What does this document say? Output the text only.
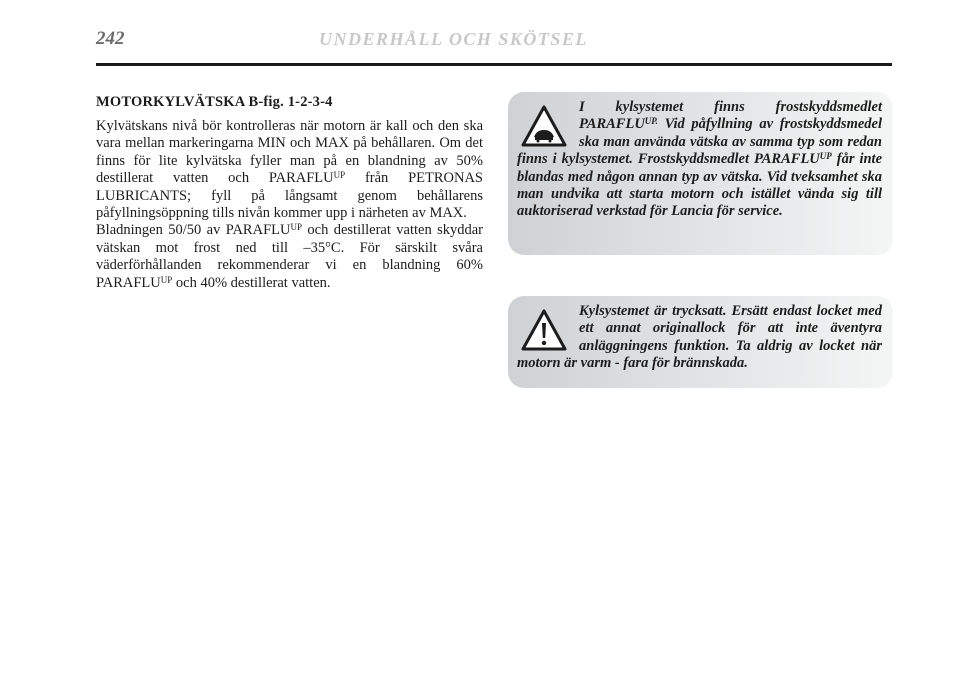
242	UNDERHÅLL OCH SKÖTSEL

MOTORKYLVÄTSKA B-fig. 1-2-3-4

Kylvätskans nivå bör kontrolleras när motorn är kall och den ska vara mellan markeringarna MIN och MAX på behållaren. Om det finns för lite kylvätska fyller man på en blandning av 50% destillerat vatten och $PARAFLU^{UP}$ från PETRONAS LUBRICANTS; fyll på långsamt genom behållarens påfyllningsöppning tills nivån kommer upp i närheten av MAX.

Bladningen 50/50 av $PARAFLU^{UP}$ och destillerat vatten skyddar vätskan mot frost ned till –35°C. För särskilt svåra väderförhållanden rekommenderar vi en blandning 60% $PARAFLU^{UP}$ och 40% destillerat vatten.

I kylsystemet finns frostskyddsmedlet $PARAFLU^{UP.}$ Vid påfyllning av frostskyddsmedel ska man använda vätska av samma typ som redan finns i kylsystemet. Frostskyddsmedlet $PARAFLU^{UP}$ får inte blandas med någon annan typ av vätska. Vid tveksamhet ska man undvika att starta motorn och istället vända sig till auktoriserad verkstad för Lancia för service.

Kylsystemet är trycksatt. Ersätt endast locket med ett annat originallock för att inte äventyra anläggningens funktion. Ta aldrig av locket när motorn är varm - fara för brännskada.
